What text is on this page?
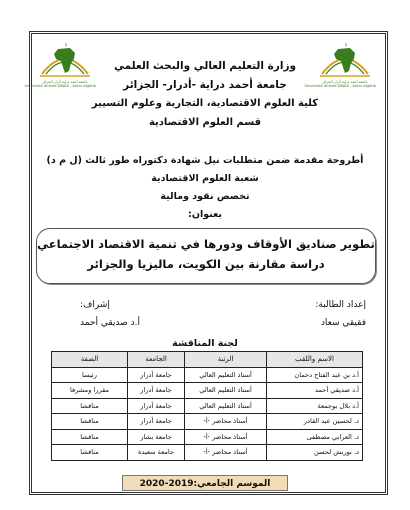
جامعة أحمد دراية أدرار الجزائر
Université Ahmed DRAIA - Adrar Algérie
جامعة أحمد دراية أدرار الجزائر
Université Ahmed DRAIA - Adrar Algérie
وزارة التعليم العالي والبحث العلمي
جامعة أحمد دراية -أدرار- الجزائر
كلية العلوم الاقتصادية، التجارية وعلوم التسيير
قسم العلوم الاقتصادية
أطروحة مقدمة ضمن متطلبات نيل شهادة دكتوراه طور ثالث (ل م د)
شعبة العلوم الاقتصادية
تخصص نقود ومالية
بعنوان:
تطوير صناديق الأوقاف ودورها في تنمية الاقتصاد الاجتماعي
دراسة مقارنة بين الكويت، ماليزيا والجزائر
إعداد الطالبة:
فقيقي سعاد
إشراف:
أ.د صديقي أحمد
لجنة المناقشة
الاسم واللقب	الرتبة	الجامعة	الصفة
أ.د بن عبد الفتاح دحمان	أستاذ التعليم العالي	جامعة أدرار	رئيسا
أ.د صديقي أحمد	أستاذ التعليم العالي	جامعة أدرار	مقررا ومشرفا
أ.د بلال بوجمعة	أستاذ التعليم العالي	جامعة أدرار	مناقشا
د. لحسين عبد القادر	أستاذ محاضر -أ-	جامعة أدرار	مناقشا
د. العرابي مصطفى	أستاذ محاضر -أ-	جامعة بشار	مناقشا
د. بوريش لحسن	أستاذ محاضر -أ-	جامعة سعيدة	مناقشا
الموسم الجامعي:2019-2020
